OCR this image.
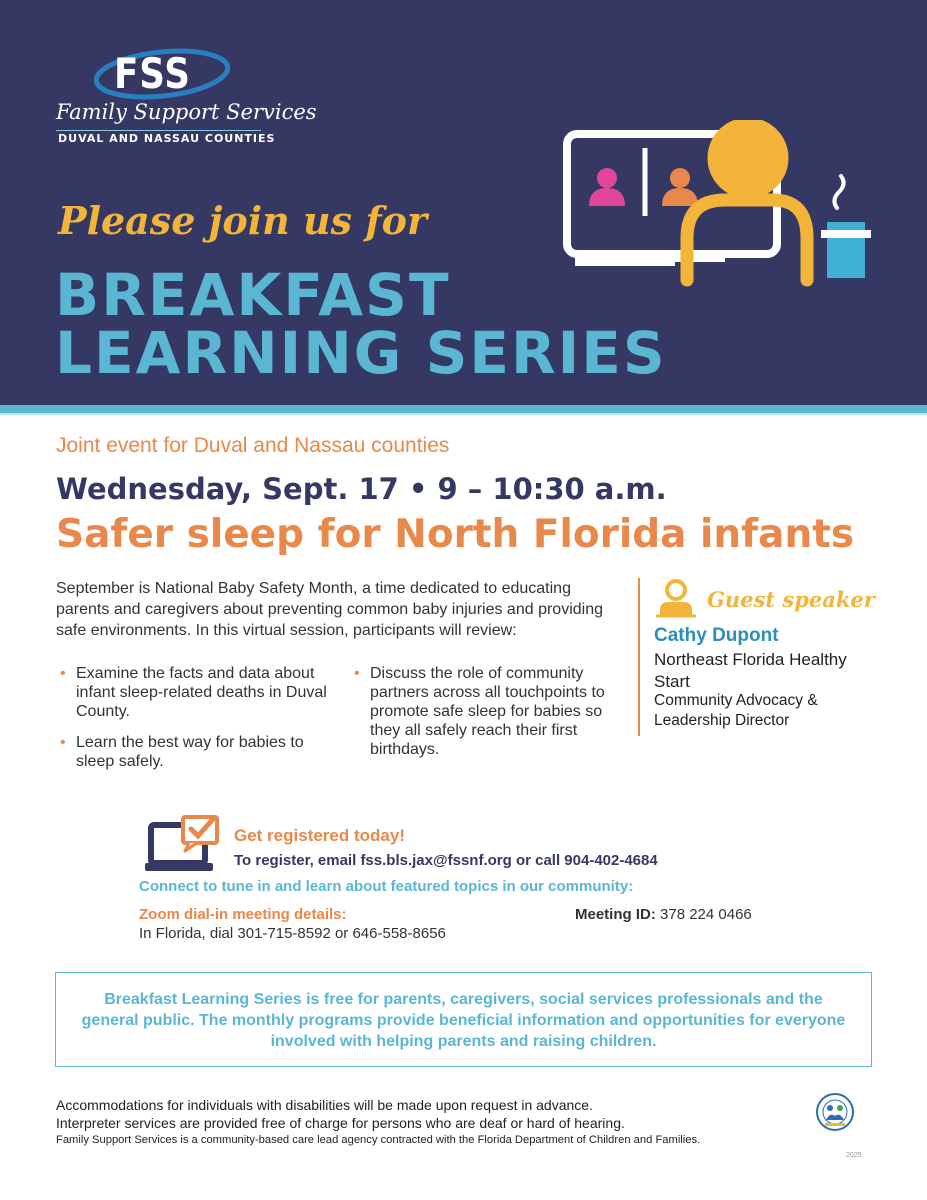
FSS
Family Support Services
DUVAL AND NASSAU COUNTIES
Please join us for
BREAKFAST
LEARNING SERIES
Joint event for Duval and Nassau counties
Wednesday, Sept. 17 • 9 – 10:30 a.m.
Safer sleep for North Florida infants
September is National Baby Safety Month, a time dedicated to educating parents and caregivers about preventing common baby injuries and providing safe environments. In this virtual session, participants will review:
• Examine the facts and data about infant sleep-related deaths in Duval County.
• Learn the best way for babies to sleep safely.
• Discuss the role of community partners across all touchpoints to promote safe sleep for babies so they all safely reach their first birthdays.
Guest speaker
Cathy Dupont
Northeast Florida Healthy Start
Community Advocacy & Leadership Director
Get registered today!
To register, email fss.bls.jax@fssnf.org or call 904-402-4684
Connect to tune in and learn about featured topics in our community:
Zoom dial-in meeting details:
In Florida, dial 301-715-8592 or 646-558-8656
Meeting ID: 378 224 0466
Breakfast Learning Series is free for parents, caregivers, social services professionals and the general public. The monthly programs provide beneficial information and opportunities for everyone involved with helping parents and raising children.
Accommodations for individuals with disabilities will be made upon request in advance.
Interpreter services are provided free of charge for persons who are deaf or hard of hearing.
Family Support Services is a community-based care lead agency contracted with the Florida Department of Children and Families.
2025
